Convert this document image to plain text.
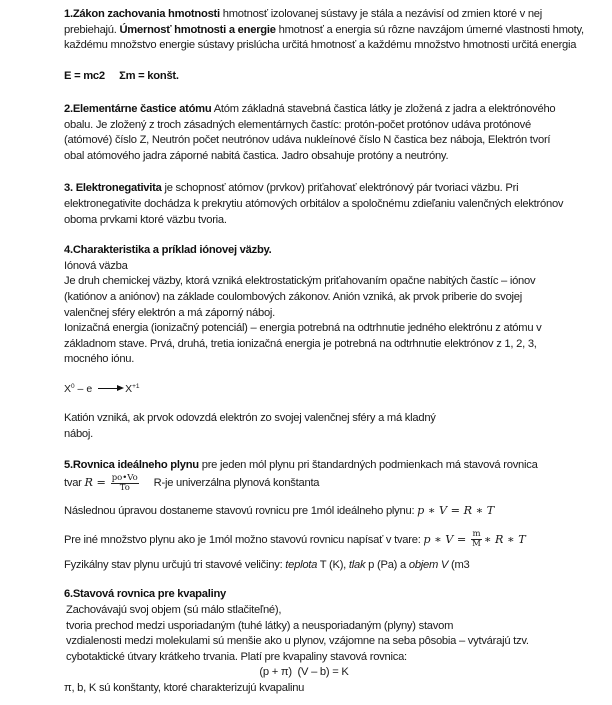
1.Zákon zachovania hmotnosti hmotnosť izolovanej sústavy je stála a nezávisí od zmien ktoré v nej prebiehajú. Úmernosť hmotnosti a energie hmotnosť a energia sú rôzne navzájom úmerné vlastnosti hmoty, každému množstvo energie sústavy prislúcha určitá hmotnosť a každému množstvo hmotnosti určitá energia

E = mc2     Σm = konšt.

2.Elementárne častice atómu Atóm základná stavebná častica látky je zložená z jadra a elektrónového obalu. Je zložený z troch zásadných elementárnych častíc: protón-počet protónov udáva protónové (atómové) číslo Z, Neutrón počet neutrónov udáva nukleínové číslo N častica bez náboja, Elektrón tvorí obal atómového jadra záporné nabitá častica. Jadro obsahuje protóny a neutróny.

3. Elektronegativita je schopnosť atómov (prvkov) priťahovať elektrónový pár tvoriaci väzbu. Pri elektronegativite dochádza k prekrytiu atómových orbitálov a spoločnému zdieľaniu valenčných elektrónov oboma prvkami ktoré väzbu tvoria.

4.Charakteristika a príklad iónovej väzby.

Iónová väzba

Je druh chemickej väzby, ktorá vzniká elektrostatickým priťahovaním opačne nabitých častíc – iónov (katiónov a aniónov) na základe coulombových zákonov. Anión vzniká, ak prvok priberie do svojej valenčnej sféry elektrón a má záporný náboj.

Ionizačná energia (ionizačný potenciál) – energia potrebná na odtrhnutie jedného elektrónu z atómu v základnom stave. Prvá, druhá, tretia ionizačná energia je potrebná na odtrhnutie elektrónov z 1, 2, 3, mocného iónu.

$X^0$ – e	$X^{+1}$

Katión vzniká, ak prvok odovzdá elektrón zo svojej valenčnej sféry a má kladný náboj.

5.Rovnica ideálneho plynu pre jeden mól plynu pri štandardných podmienkach má stavová rovnica

tvar $R = \frac{po•Vo}{To} R-je$ univerzálna plynová konštanta

Následnou úpravou dostaneme stavovú rovnicu pre 1mól ideálneho plynu: p ∗ V = R ∗ T

Pre iné množstvo plynu ako je 1mól možno stavovú rovnicu napísať v tvare: p ∗ $V = \frac{m}{M}$ ∗ R ∗ T

Fyzikálny stav plynu určujú tri stavové veličiny: teplota T (K), tlak p (Pa) a objem V (m3

6.Stavová rovnica pre kvapaliny

Zachovávajú svoj objem (sú málo stlačiteľné),

tvoria prechod medzi usporiadaným (tuhé látky) a neusporiadaným (plyny) stavom

vzdialenosti medzi molekulami sú menšie ako u plynov, vzájomne na seba pôsobia – vytvárajú tzv. cybotaktické útvary krátkeho trvania. Platí pre kvapaliny stavová rovnica:

(p + π)  (V – b) = K

π, b, K sú konštanty, ktoré charakterizujú kvapalinu
